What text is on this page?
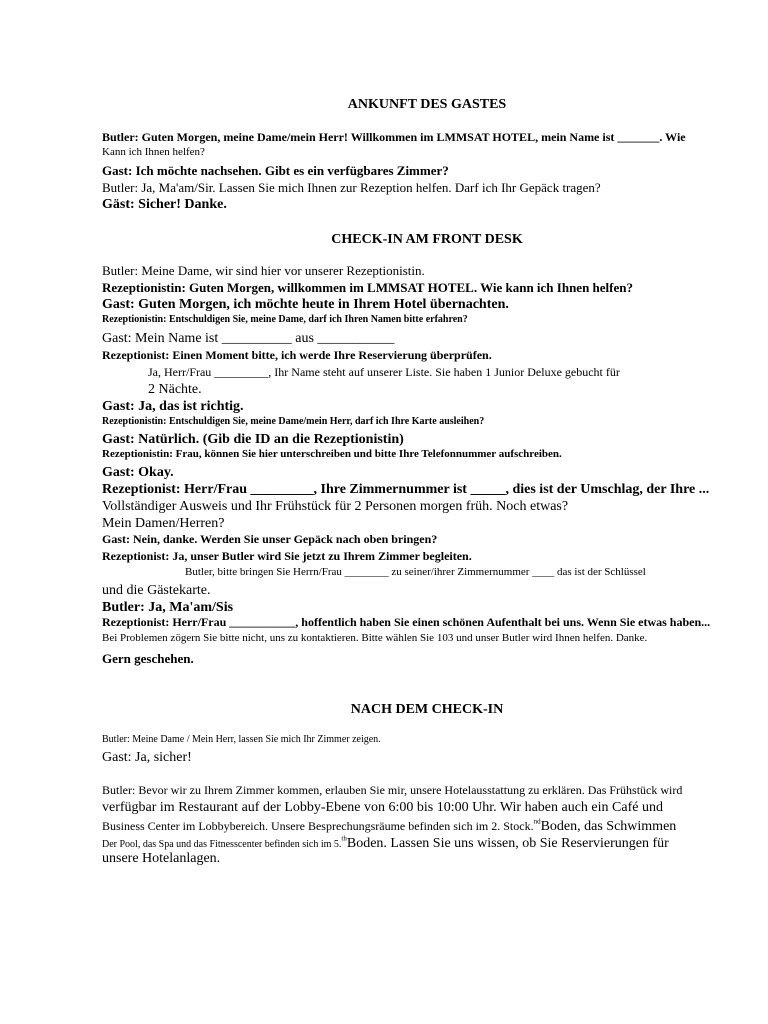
ANKUNFT DES GASTES
Butler: Guten Morgen, meine Dame/mein Herr! Willkommen im LMMSAT HOTEL, mein Name ist _______. Wie
Kann ich Ihnen helfen?
Gast: Ich möchte nachsehen. Gibt es ein verfügbares Zimmer?
Butler: Ja, Ma'am/Sir. Lassen Sie mich Ihnen zur Rezeption helfen. Darf ich Ihr Gepäck tragen?
Gäst: Sicher! Danke.
CHECK-IN AM FRONT DESK
Butler: Meine Dame, wir sind hier vor unserer Rezeptionistin.
Rezeptionistin: Guten Morgen, willkommen im LMMSAT HOTEL. Wie kann ich Ihnen helfen?
Gast: Guten Morgen, ich möchte heute in Ihrem Hotel übernachten.
Rezeptionistin: Entschuldigen Sie, meine Dame, darf ich Ihren Namen bitte erfahren?
Gast: Mein Name ist __________ aus ___________
Rezeptionist: Einen Moment bitte, ich werde Ihre Reservierung überprüfen.
Ja, Herr/Frau _________, Ihr Name steht auf unserer Liste. Sie haben 1 Junior Deluxe gebucht für
2 Nächte.
Gast: Ja, das ist richtig.
Rezeptionistin: Entschuldigen Sie, meine Dame/mein Herr, darf ich Ihre Karte ausleihen?
Gast: Natürlich. (Gib die ID an die Rezeptionistin)
Rezeptionistin: Frau, können Sie hier unterschreiben und bitte Ihre Telefonnummer aufschreiben.
Gast: Okay.
Rezeptionist: Herr/Frau _________, Ihre Zimmernummer ist _____, dies ist der Umschlag, der Ihre ...
Vollständiger Ausweis und Ihr Frühstück für 2 Personen morgen früh. Noch etwas?
Mein Damen/Herren?
Gast: Nein, danke. Werden Sie unser Gepäck nach oben bringen?
Rezeptionist: Ja, unser Butler wird Sie jetzt zu Ihrem Zimmer begleiten.
Butler, bitte bringen Sie Herrn/Frau ________ zu seiner/ihrer Zimmernummer ____ das ist der Schlüssel
und die Gästekarte.
Butler: Ja, Ma'am/Sis
Rezeptionist: Herr/Frau ___________, hoffentlich haben Sie einen schönen Aufenthalt bei uns. Wenn Sie etwas haben...
Bei Problemen zögern Sie bitte nicht, uns zu kontaktieren. Bitte wählen Sie 103 und unser Butler wird Ihnen helfen. Danke.
Gern geschehen.
NACH DEM CHECK-IN
Butler: Meine Dame / Mein Herr, lassen Sie mich Ihr Zimmer zeigen.
Gast: Ja, sicher!
Butler: Bevor wir zu Ihrem Zimmer kommen, erlauben Sie mir, unsere Hotelausstattung zu erklären. Das Frühstück wird
verfügbar im Restaurant auf der Lobby-Ebene von 6:00 bis 10:00 Uhr. Wir haben auch ein Café und
Business Center im Lobbybereich. Unsere Besprechungsräume befinden sich im 2. Stock.$^{nd}$Boden, das Schwimmen
Der Pool, das Spa und das Fitnesscenter befinden sich im 5.$^{th}$Boden. Lassen Sie uns wissen, ob Sie Reservierungen für
unsere Hotelanlagen.
